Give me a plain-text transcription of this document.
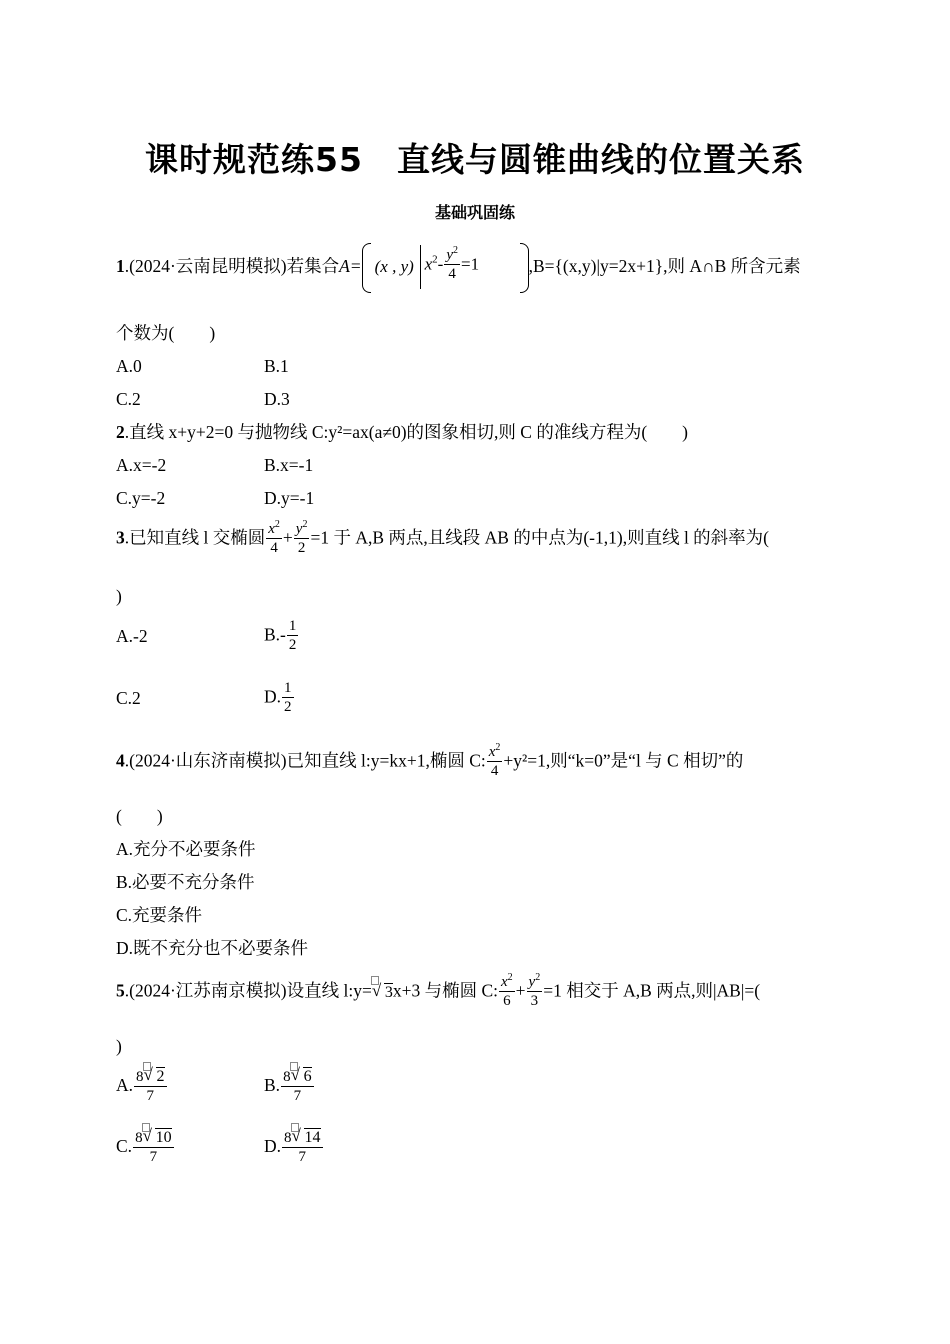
课时规范练55　直线与圆锥曲线的位置关系
基础巩固练
1.(2024·云南昆明模拟)若集合A= (x , y) $x^2- \frac{y^2}{4} =1$	,B={(x,y)|y=2x+1},则 A∩B 所含元素
个数为(　　)
A.0	B.1
C.2	D.3
2.直线 x+y+2=0 与抛物线 C:y²=ax(a≠0)的图象相切,则 C 的准线方程为(　　)
A.x=-2	B.x=-1
C.y=-2	D.y=-1
3.已知直线 l 交椭圆 $\frac{x^2}{4} + \frac{y^2}{2} =1$ 于 A,B 两点,且线段 AB 的中点为(-1,1),则直线 l 的斜率为(
)
A.-2	$B.- \frac{1}{2}$
C.2	D. $\frac{1}{2}$
4.(2024·山东济南模拟)已知直线 l:y=kx+1,椭圆 C: $\frac{x^2}{4} +y^2=1$,则“k=0”是“l 与 C 相切”的
(　　)
A.充分不必要条件
B.必要不充分条件
C.充要条件
D.既不充分也不必要条件
5.(2024·江苏南京模拟)设直线 l:y= √ 3x+3 与椭圆 C: $\frac{x^2}{6} + \frac{y^2}{3} =1$ 相交于 A,B 两点,则|AB|=(
)
A. $\frac{8 √ 2}{7}$	B. $\frac{8 √ 6}{7}$
C. $\frac{8 √ 10}{7}$	D. $\frac{8 √ 14}{7}$
